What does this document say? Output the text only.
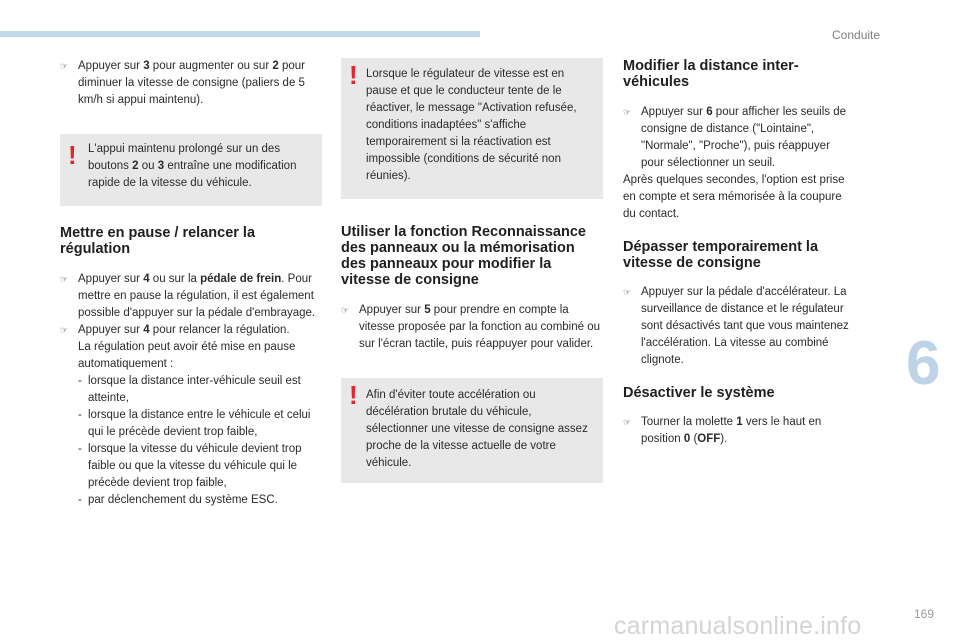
Conduite
6
169
carmanualsonline.info
☞ Appuyer sur 3 pour augmenter ou sur 2 pour diminuer la vitesse de consigne (paliers de 5 km/h si appui maintenu).

! L'appui maintenu prolongé sur un des boutons 2 ou 3 entraîne une modification rapide de la vitesse du véhicule.

Mettre en pause / relancer la régulation
☞ Appuyer sur 4 ou sur la pédale de frein. Pour mettre en pause la régulation, il est également possible d'appuyer sur la pédale d'embrayage.

☞ Appuyer sur 4 pour relancer la régulation.

La régulation peut avoir été mise en pause automatiquement :

- lorsque la distance inter-véhicule seuil est atteinte,
- lorsque la distance entre le véhicule et celui qui le précède devient trop faible,
- lorsque la vitesse du véhicule devient trop faible ou que la vitesse du véhicule qui le précède devient trop faible,
- par déclenchement du système ESC.
! Lorsque le régulateur de vitesse est en pause et que le conducteur tente de le réactiver, le message "Activation refusée, conditions inadaptées" s'affiche temporairement si la réactivation est impossible (conditions de sécurité non réunies).

Utiliser la fonction Reconnaissance des panneaux ou la mémorisation des panneaux pour modifier la vitesse de consigne
☞ Appuyer sur 5 pour prendre en compte la vitesse proposée par la fonction au combiné ou sur l'écran tactile, puis réappuyer pour valider.

! Afin d'éviter toute accélération ou décélération brutale du véhicule, sélectionner une vitesse de consigne assez proche de la vitesse actuelle de votre véhicule.

Modifier la distance inter-véhicules
☞ Appuyer sur 6 pour afficher les seuils de consigne de distance ("Lointaine", "Normale", "Proche"), puis réappuyer pour sélectionner un seuil.

Après quelques secondes, l'option est prise en compte et sera mémorisée à la coupure du contact.

Dépasser temporairement la vitesse de consigne
☞ Appuyer sur la pédale d'accélérateur. La surveillance de distance et le régulateur sont désactivés tant que vous maintenez l'accélération. La vitesse au combiné clignote.

Désactiver le système
☞ Tourner la molette 1 vers le haut en position 0 (OFF).
